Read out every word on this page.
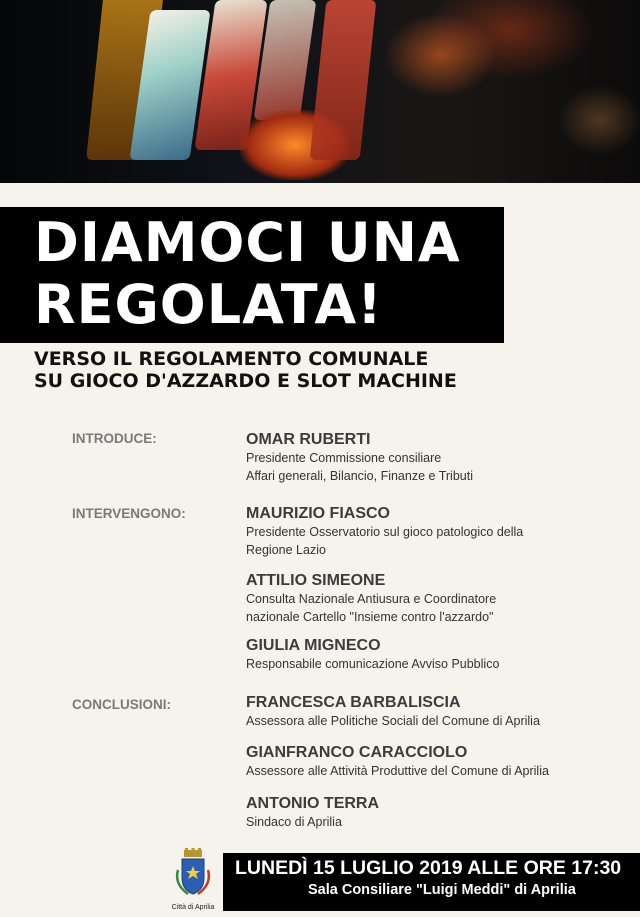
DIAMOCI UNA
REGOLATA!
VERSO IL REGOLAMENTO COMUNALE
SU GIOCO D'AZZARDO E SLOT MACHINE
INTRODUCE:	OMAR RUBERTI
Presidente Commissione consiliare
Affari generali, Bilancio, Finanze e Tributi
INTERVENGONO:	MAURIZIO FIASCO
Presidente Osservatorio sul gioco patologico della
Regione Lazio
ATTILIO SIMEONE
Consulta Nazionale Antiusura e Coordinatore
nazionale Cartello "Insieme contro l'azzardo"
GIULIA MIGNECO
Responsabile comunicazione Avviso Pubblico
CONCLUSIONI:	FRANCESCA BARBALISCIA
Assessora alle Politiche Sociali del Comune di Aprilia
GIANFRANCO CARACCIOLO
Assessore alle Attività Produttive del Comune di Aprilia
ANTONIO TERRA
Sindaco di Aprilia
Città di Aprilia
LUNEDÌ 15 LUGLIO 2019 ALLE ORE 17:30
Sala Consiliare "Luigi Meddi" di Aprilia
